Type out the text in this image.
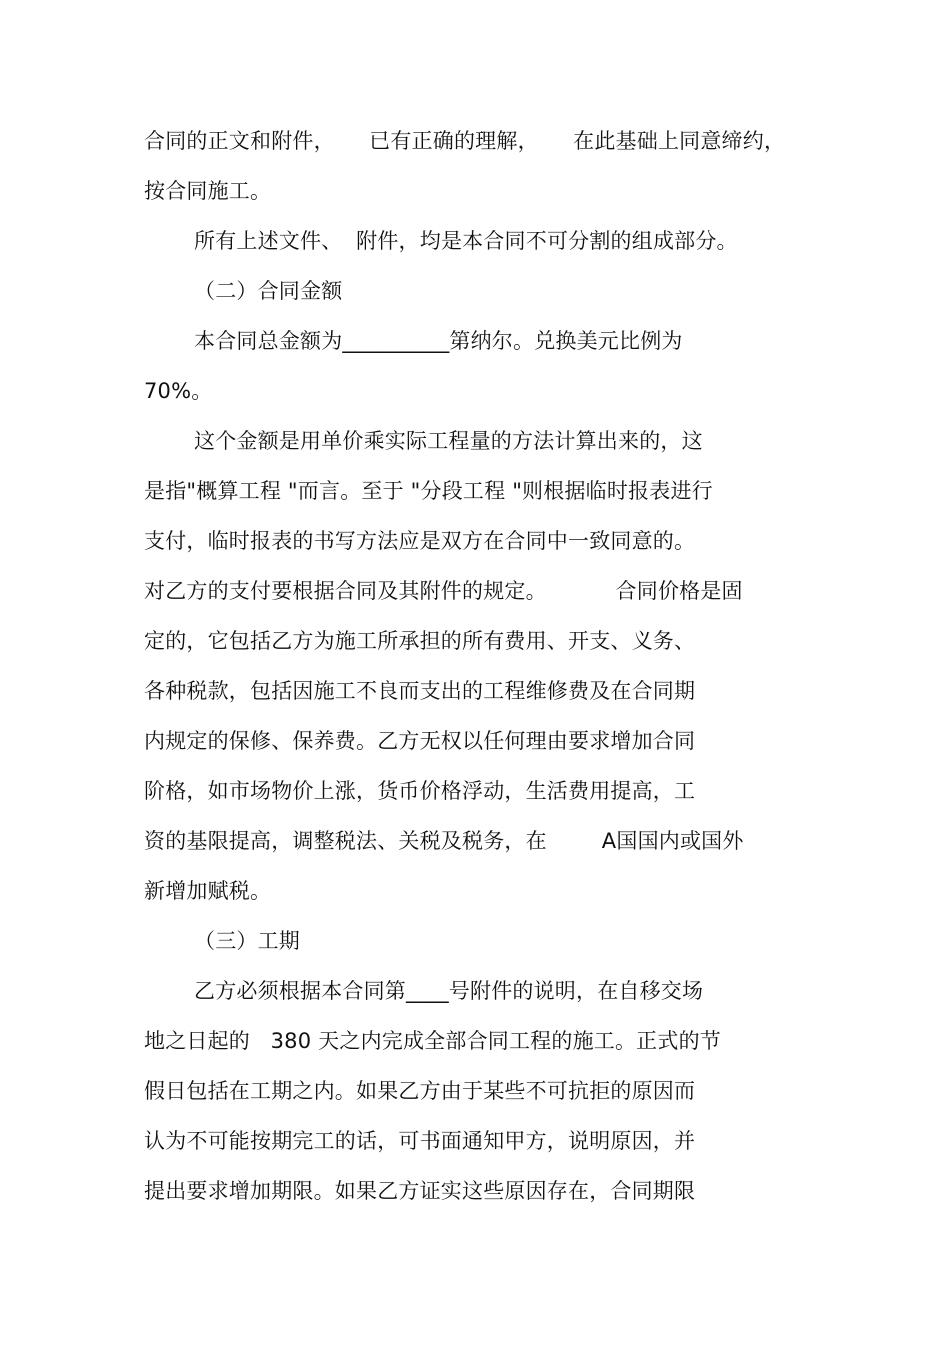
合同的正文和附件，     已有正确的理解，     在此基础上同意缔约，
按合同施工。
所有上述文件、  附件，均是本合同不可分割的组成部分。
（二）合同金额
本合同总金额为__________第纳尔。兑换美元比例为
70%。
这个金额是用单价乘实际工程量的方法计算出来的，这
是指"概算工程 "而言。至于 "分段工程 "则根据临时报表进行
支付，临时报表的书写方法应是双方在合同中一致同意的。
对乙方的支付要根据合同及其附件的规定。          合同价格是固
定的，它包括乙方为施工所承担的所有费用、开支、义务、
各种税款，包括因施工不良而支出的工程维修费及在合同期
内规定的保修、保养费。乙方无权以任何理由要求增加合同
阶格，如市场物价上涨，货币价格浮动，生活费用提高，工
资的基限提高，调整税法、关税及税务，在        A国国内或国外
新增加赋税。
（三）工期
乙方必须根据本合同第____号附件的说明，在自移交场
地之日起的   380 天之内完成全部合同工程的施工。正式的节
假日包括在工期之内。如果乙方由于某些不可抗拒的原因而
认为不可能按期完工的话，可书面通知甲方，说明原因，并
提出要求增加期限。如果乙方证实这些原因存在，合同期限
